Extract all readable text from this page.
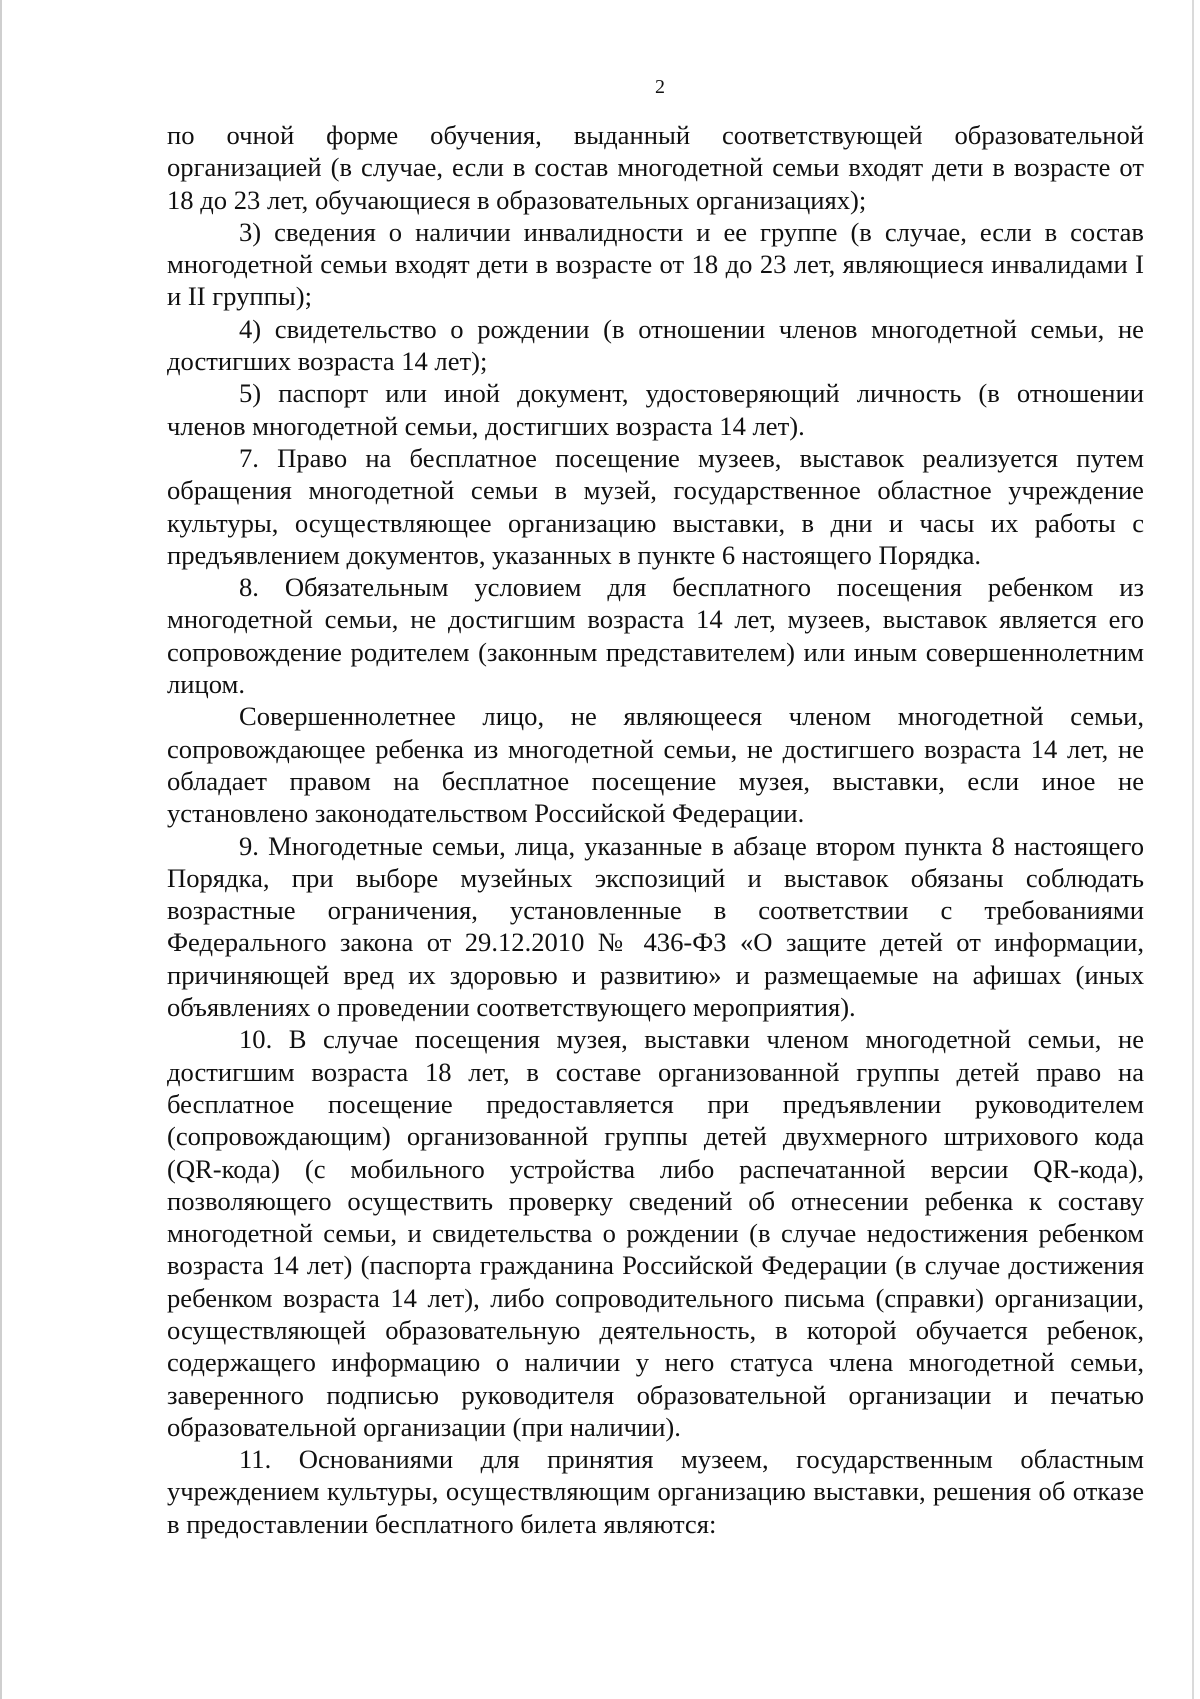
2

по очной форме обучения, выданный соответствующей образовательной организацией (в случае, если в состав многодетной семьи входят дети в возрасте от 18 до 23 лет, обучающиеся в образовательных организациях);

3) сведения о наличии инвалидности и ее группе (в случае, если в состав многодетной семьи входят дети в возрасте от 18 до 23 лет, являющиеся инвалидами I и II группы);

4) свидетельство о рождении (в отношении членов многодетной семьи, не достигших возраста 14 лет);

5) паспорт или иной документ, удостоверяющий личность (в отношении членов многодетной семьи, достигших возраста 14 лет).

7. Право на бесплатное посещение музеев, выставок реализуется путем обращения многодетной семьи в музей, государственное областное учреждение культуры, осуществляющее организацию выставки, в дни и часы их работы с предъявлением документов, указанных в пункте 6 настоящего Порядка.

8. Обязательным условием для бесплатного посещения ребенком из многодетной семьи, не достигшим возраста 14 лет, музеев, выставок является его сопровождение родителем (законным представителем) или иным совершеннолетним лицом.

Совершеннолетнее лицо, не являющееся членом многодетной семьи, сопровождающее ребенка из многодетной семьи, не достигшего возраста 14 лет, не обладает правом на бесплатное посещение музея, выставки, если иное не установлено законодательством Российской Федерации.

9. Многодетные семьи, лица, указанные в абзаце втором пункта 8 настоящего Порядка, при выборе музейных экспозиций и выставок обязаны соблюдать возрастные ограничения, установленные в соответствии с требованиями Федерального закона от 29.12.2010 № 436-ФЗ «О защите детей от информации, причиняющей вред их здоровью и развитию» и размещаемые на афишах (иных объявлениях о проведении соответствующего мероприятия).

10. В случае посещения музея, выставки членом многодетной семьи, не достигшим возраста 18 лет, в составе организованной группы детей право на бесплатное посещение предоставляется при предъявлении руководителем (сопровождающим) организованной группы детей двухмерного штрихового кода (QR-кода) (с мобильного устройства либо распечатанной версии QR-кода), позволяющего осуществить проверку сведений об отнесении ребенка к составу многодетной семьи, и свидетельства о рождении (в случае недостижения ребенком возраста 14 лет) (паспорта гражданина Российской Федерации (в случае достижения ребенком возраста 14 лет), либо сопроводительного письма (справки) организации, осуществляющей образовательную деятельность, в которой обучается ребенок, содержащего информацию о наличии у него статуса члена многодетной семьи, заверенного подписью руководителя образовательной организации и печатью образовательной организации (при наличии).

11. Основаниями для принятия музеем, государственным областным учреждением культуры, осуществляющим организацию выставки, решения об отказе в предоставлении бесплатного билета являются:
